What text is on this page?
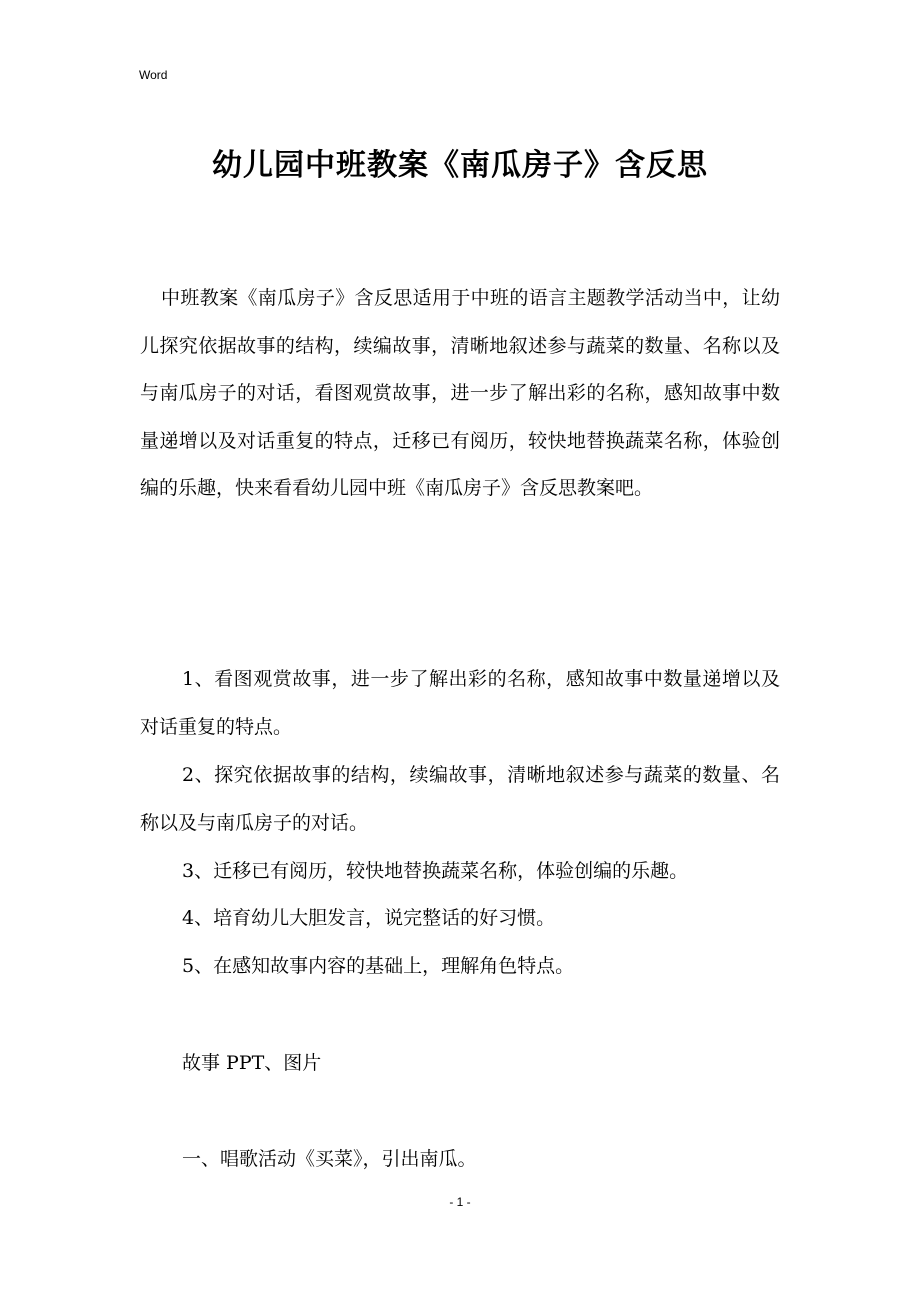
Word
幼儿园中班教案《南瓜房子》含反思

中班教案《南瓜房子》含反思适用于中班的语言主题教学活动当中，让幼儿探究依据故事的结构，续编故事，清晰地叙述参与蔬菜的数量、名称以及与南瓜房子的对话，看图观赏故事，进一步了解出彩的名称，感知故事中数量递增以及对话重复的特点，迁移已有阅历，较快地替换蔬菜名称，体验创编的乐趣，快来看看幼儿园中班《南瓜房子》含反思教案吧。

1、看图观赏故事，进一步了解出彩的名称，感知故事中数量递增以及对话重复的特点。

2、探究依据故事的结构，续编故事，清晰地叙述参与蔬菜的数量、名称以及与南瓜房子的对话。

3、迁移已有阅历，较快地替换蔬菜名称，体验创编的乐趣。

4、培育幼儿大胆发言，说完整话的好习惯。

5、在感知故事内容的基础上，理解角色特点。

故事 PPT、图片

一、唱歌活动《买菜》，引出南瓜。

- 1 -
